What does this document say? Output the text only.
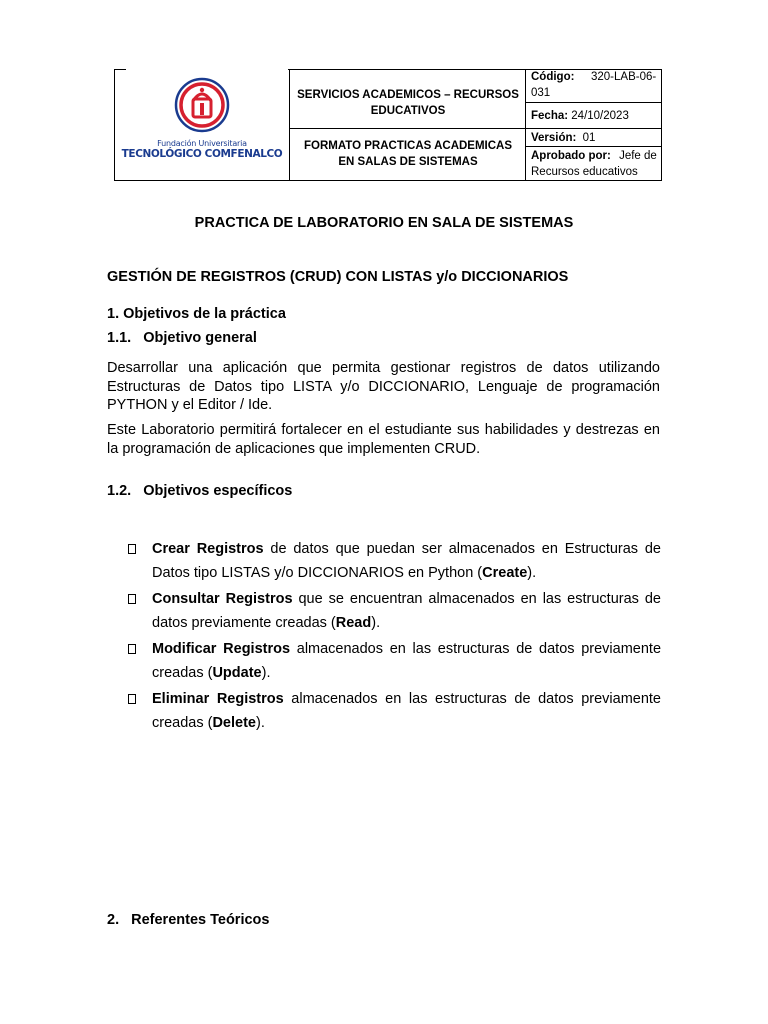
Fundación Universitaria
TECNOLÓGICO COMFENALCO
SERVICIOS ACADEMICOS – RECURSOS EDUCATIVOS
FORMATO PRACTICAS ACADEMICAS EN SALAS DE SISTEMAS
Código: 320-LAB-06-
031
Fecha: 24/10/2023
Versión: 01
Aprobado por: Jefe de
Recursos educativos
PRACTICA DE LABORATORIO EN SALA DE SISTEMAS
GESTIÓN DE REGISTROS (CRUD) CON LISTAS y/o DICCIONARIOS
1. Objetivos de la práctica
1.1.   Objetivo general
Desarrollar una aplicación que permita gestionar registros de datos utilizando Estructuras de Datos tipo LISTA y/o DICCIONARIO, Lenguaje de programación PYTHON y el Editor / Ide.
Este Laboratorio permitirá fortalecer en el estudiante sus habilidades y destrezas en la programación de aplicaciones que implementen CRUD.
1.2.   Objetivos específicos
Crear Registros de datos que puedan ser almacenados en Estructuras de Datos tipo LISTAS y/o DICCIONARIOS en Python (Create).
Consultar Registros que se encuentran almacenados en las estructuras de datos previamente creadas (Read).
Modificar Registros almacenados en las estructuras de datos previamente creadas (Update).
Eliminar Registros almacenados en las estructuras de datos previamente creadas (Delete).
2. Referentes Teóricos
